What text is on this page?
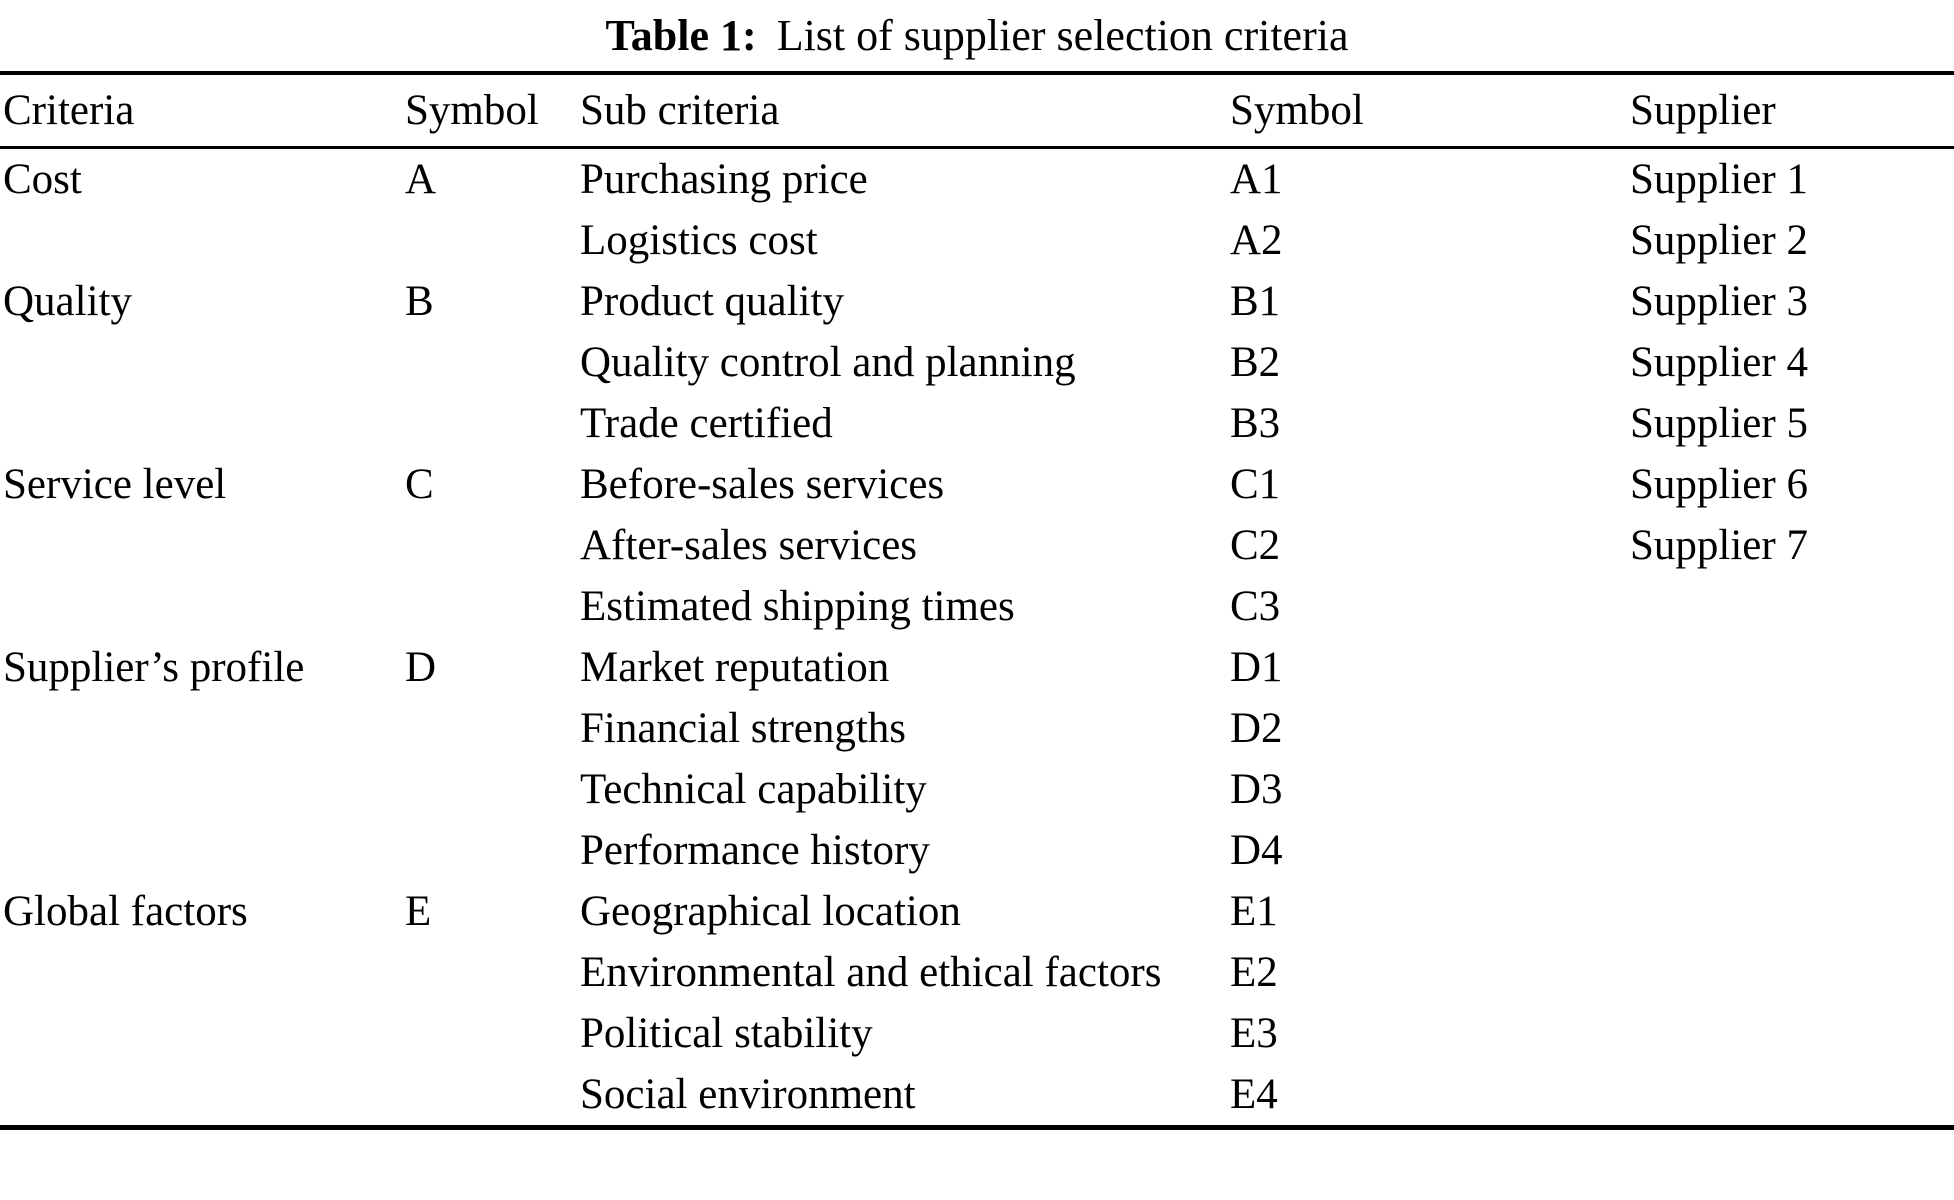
Table 1: List of supplier selection criteria
Criteria	Symbol	Sub criteria	Symbol	Supplier
Cost	A	Purchasing price	A1	Supplier 1
		Logistics cost	A2	Supplier 2
Quality	B	Product quality	B1	Supplier 3
		Quality control and planning	B2	Supplier 4
		Trade certified	B3	Supplier 5
Service level	C	Before-sales services	C1	Supplier 6
		After-sales services	C2	Supplier 7
		Estimated shipping times	C3	
Supplier’s profile	D	Market reputation	D1	
		Financial strengths	D2	
		Technical capability	D3	
		Performance history	D4	
Global factors	E	Geographical location	E1	
		Environmental and ethical factors	E2	
		Political stability	E3	
		Social environment	E4	
